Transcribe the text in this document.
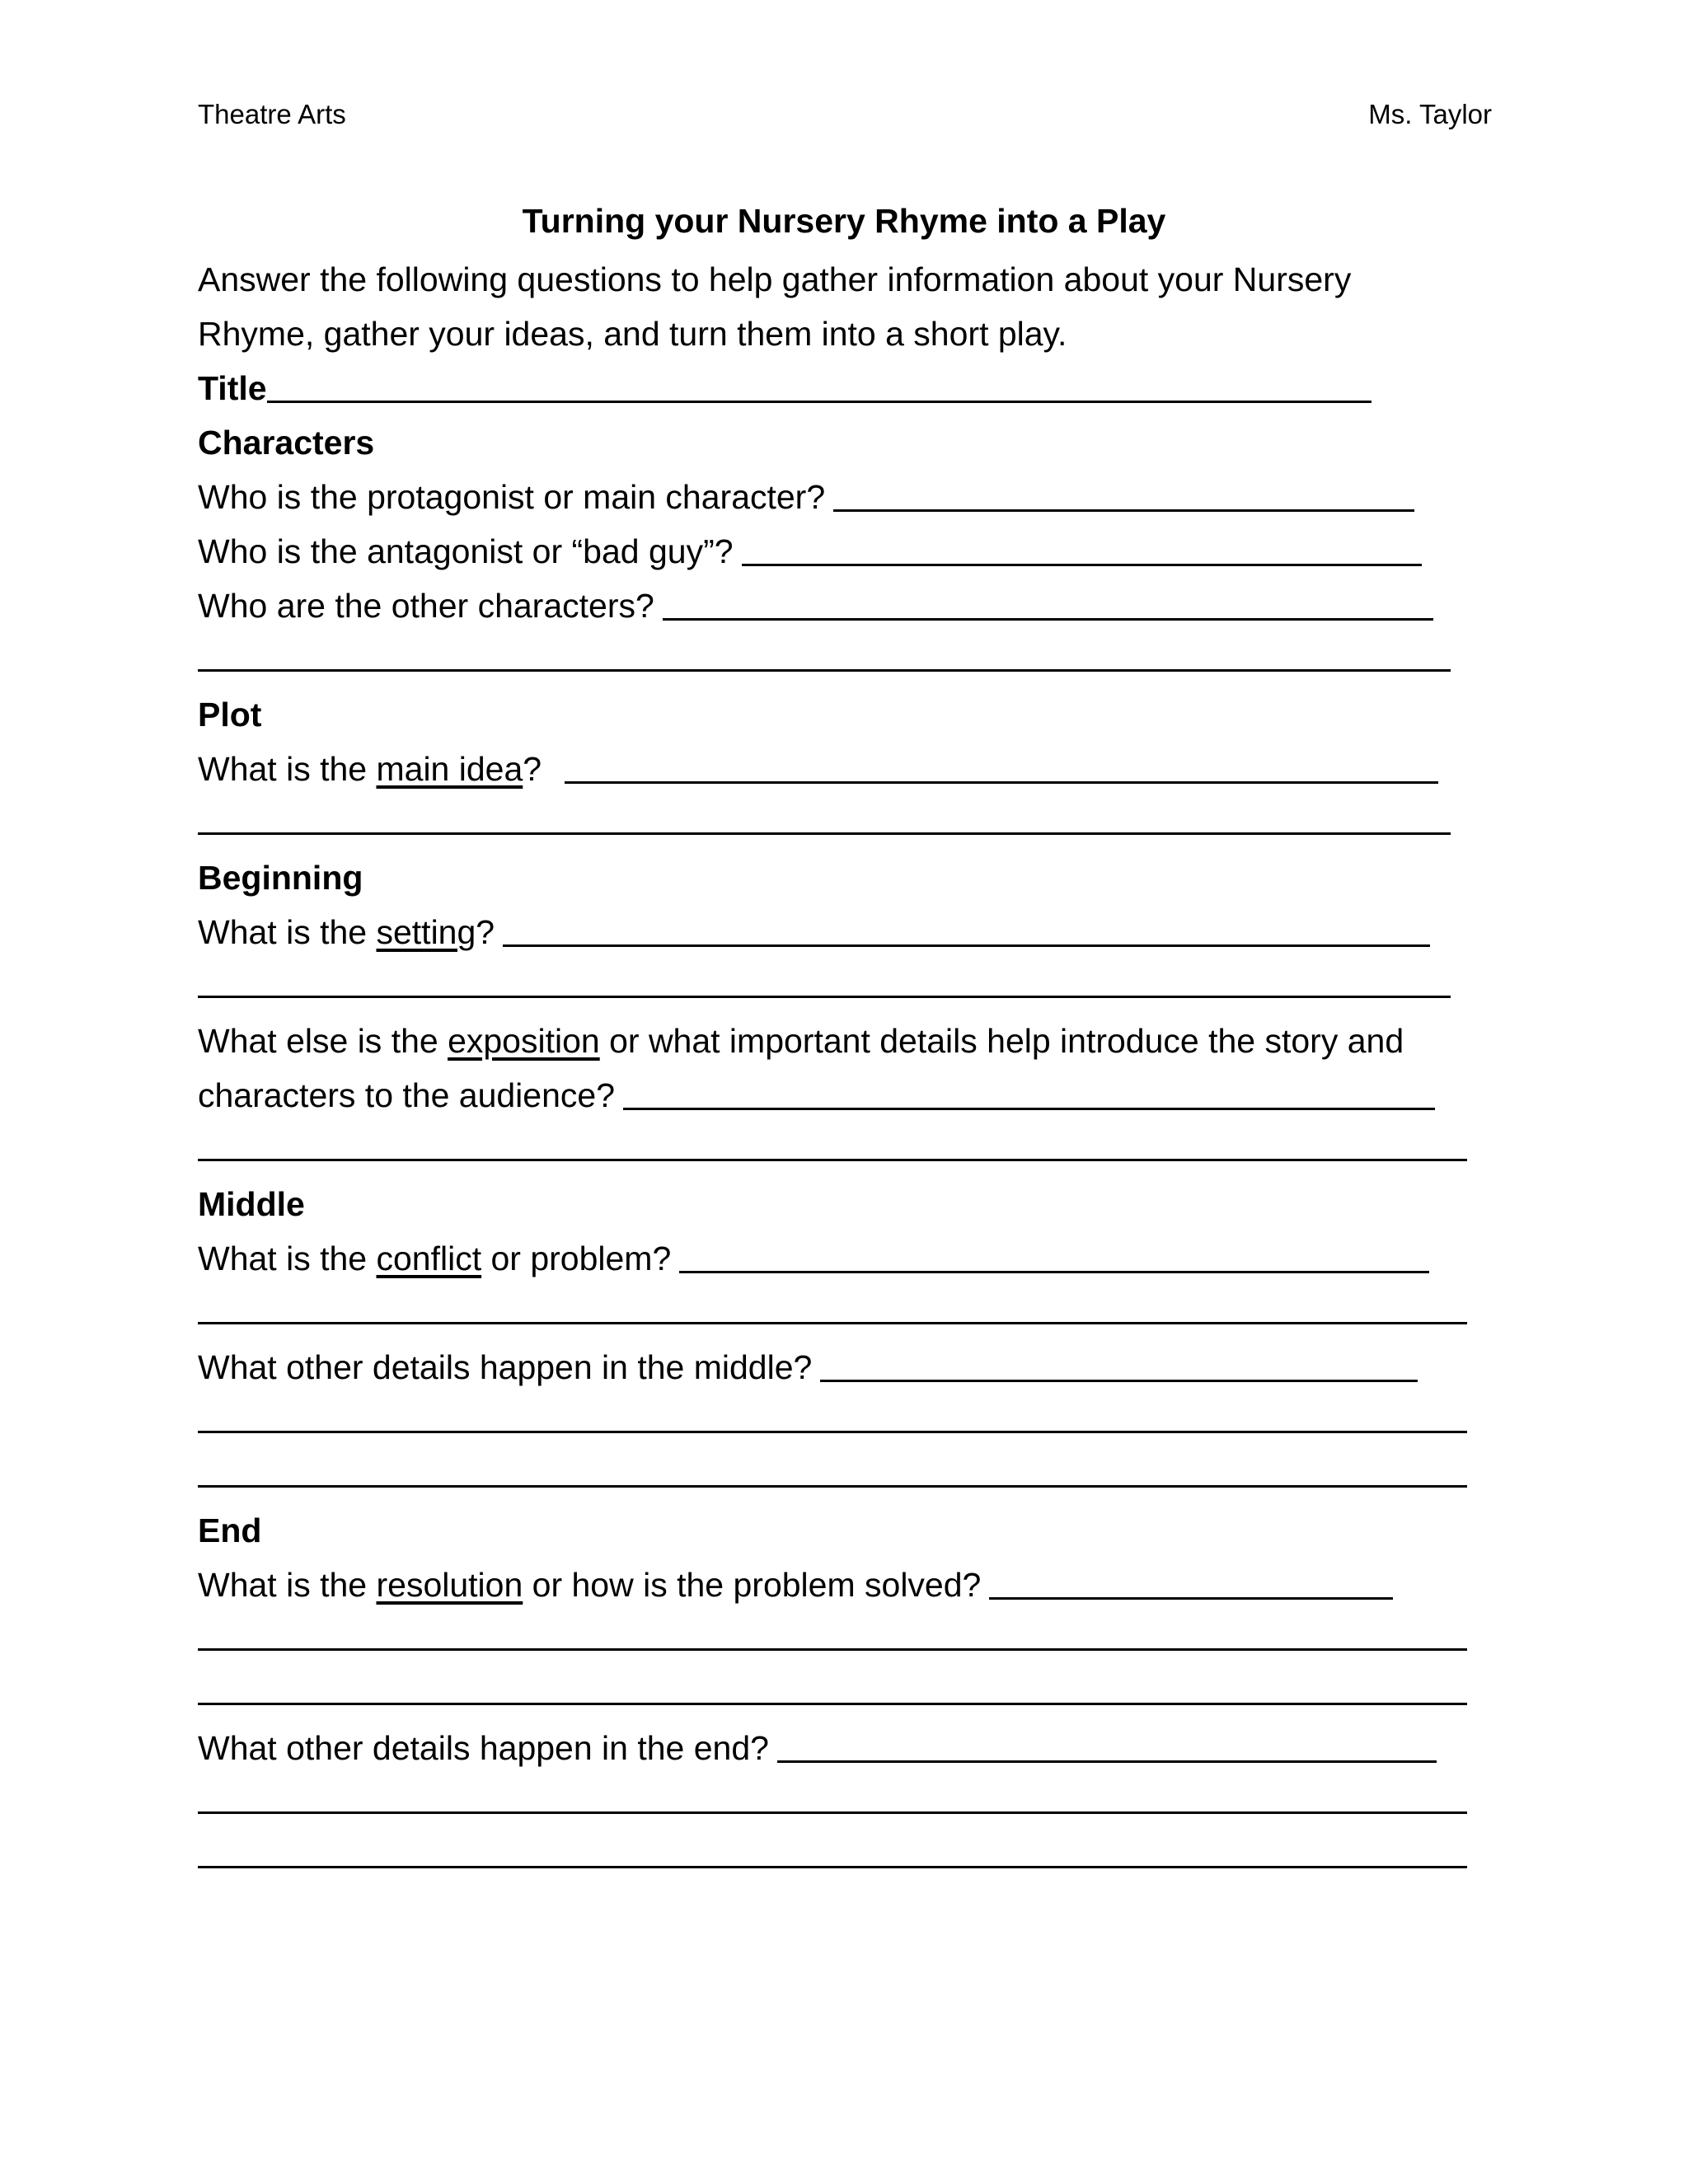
Theatre Arts	Ms. Taylor
Turning your Nursery Rhyme into a Play
Answer the following questions to help gather information about your Nursery
Rhyme, gather your ideas, and turn them into a short play.
Title
Characters
Who is the protagonist or main character?
Who is the antagonist or “bad guy”?
Who are the other characters?
Plot
What is the main idea ?
Beginning
What is the setting ?
What else is the exposition or what important details help introduce the story and
characters to the audience?
Middle
What is the conflict or problem?
What other details happen in the middle?
End
What is the resolution or how is the problem solved?
What other details happen in the end?
